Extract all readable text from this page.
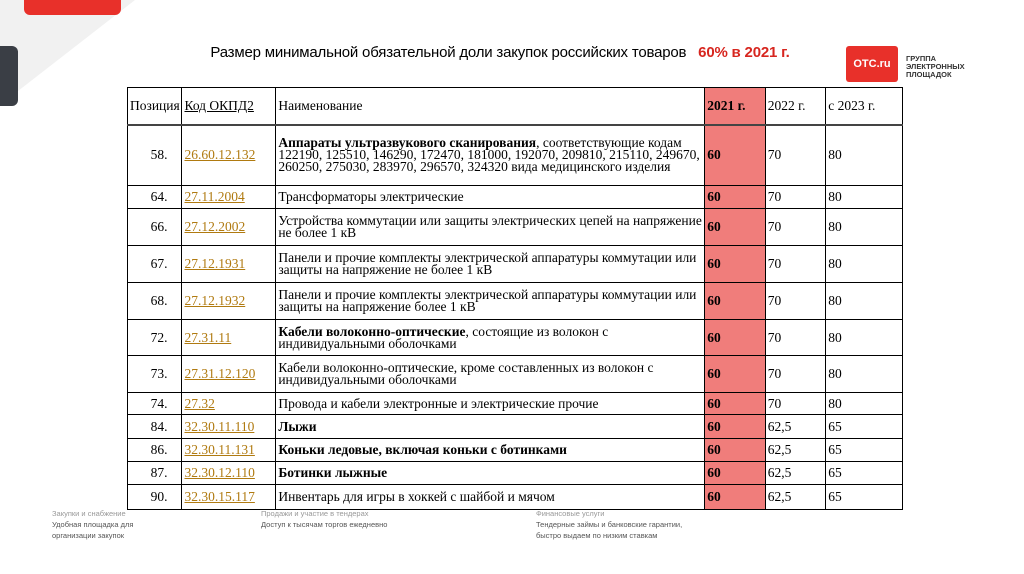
Размер минимальной обязательной доли закупок российских товаров 60% в 2021 г.
OTC.ru ГРУППА
ЭЛЕКТРОННЫХ
ПЛОЩАДОК
Позиция	Код ОКПД2	Наименование	2021 г.	2022 г.	с 2023 г.
58.	26.60.12.132	Аппараты ультразвукового сканирования, соответствующие кодам 122190, 125510, 146290, 172470, 181000, 192070, 209810, 215110, 249670, 260250, 275030, 283970, 296570, 324320 вида медицинского изделия	60	70	80
64.	27.11.2004	Трансформаторы электрические	60	70	80
66.	27.12.2002	Устройства коммутации или защиты электрических цепей на напряжение не более 1 кВ	60	70	80
67.	27.12.1931	Панели и прочие комплекты электрической аппаратуры коммутации или защиты на напряжение не более 1 кВ	60	70	80
68.	27.12.1932	Панели и прочие комплекты электрической аппаратуры коммутации или защиты на напряжение более 1 кВ	60	70	80
72.	27.31.11	Кабели волоконно-оптические, состоящие из волокон с индивидуальными оболочками	60	70	80
73.	27.31.12.120	Кабели волоконно-оптические, кроме составленных из волокон с индивидуальными оболочками	60	70	80
74.	27.32	Провода и кабели электронные и электрические прочие	60	70	80
84.	32.30.11.110	Лыжи	60	62,5	65
86.	32.30.11.131	Коньки ледовые, включая коньки с ботинками	60	62,5	65
87.	32.30.12.110	Ботинки лыжные	60	62,5	65
90.	32.30.15.117	Инвентарь для игры в хоккей с шайбой и мячом	60	62,5	65
Закупки и снабжение
Удобная площадка для
организации закупок
Продажи и участие в тендерах
Доступ к тысячам торгов ежедневно
Финансовые услуги
Тендерные займы и банковские гарантии,
быстро выдаем по низким ставкам
